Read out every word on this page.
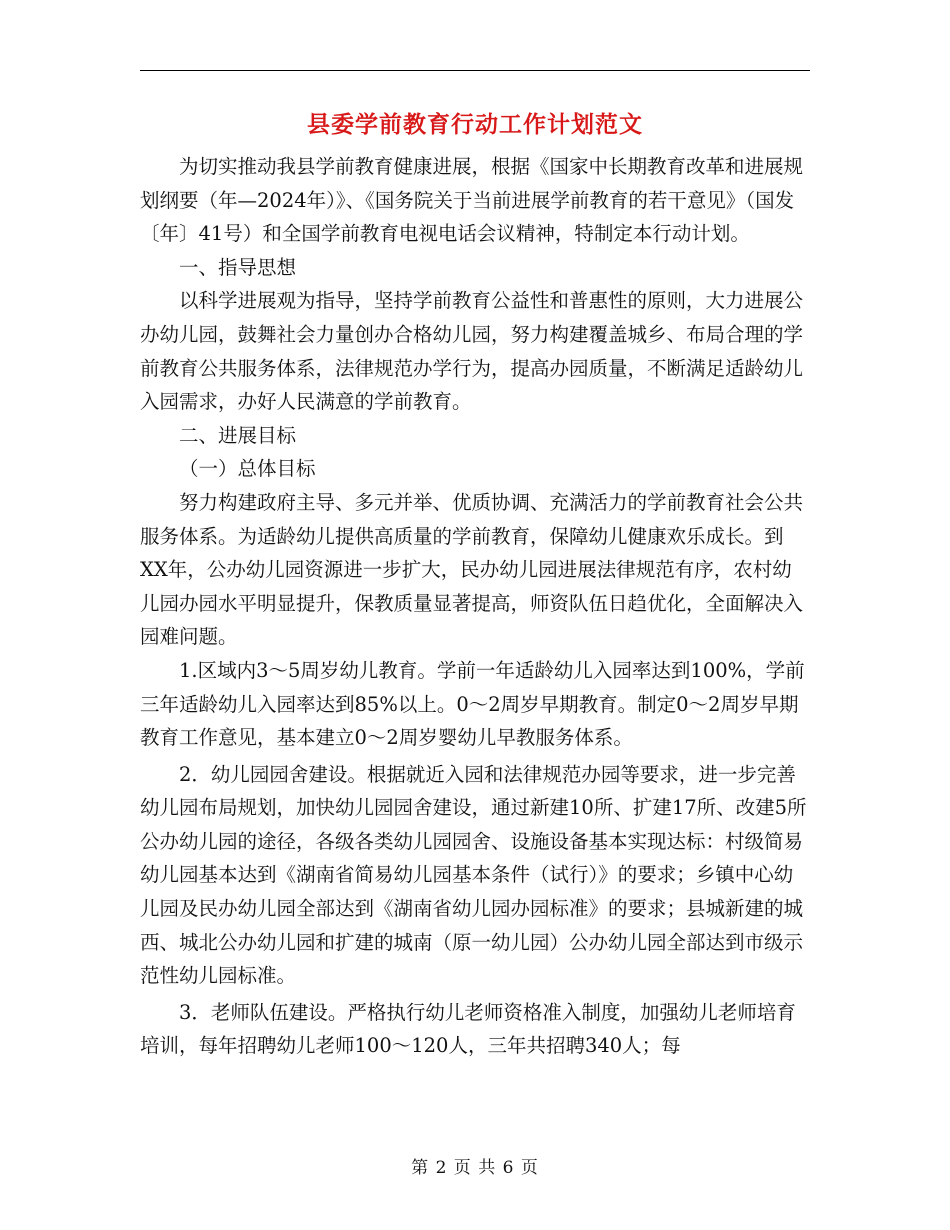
县委学前教育行动工作计划范文

为切实推动我县学前教育健康进展，根据《国家中长期教育改革和进展规划纲要（年—2024年）》、《国务院关于当前进展学前教育的若干意见》（国发〔年〕41号）和全国学前教育电视电话会议精神，特制定本行动计划。

一、指导思想

以科学进展观为指导，坚持学前教育公益性和普惠性的原则，大力进展公办幼儿园，鼓舞社会力量创办合格幼儿园，努力构建覆盖城乡、布局合理的学前教育公共服务体系，法律规范办学行为，提高办园质量，不断满足适龄幼儿入园需求，办好人民满意的学前教育。

二、进展目标

（一）总体目标

努力构建政府主导、多元并举、优质协调、充满活力的学前教育社会公共服务体系。为适龄幼儿提供高质量的学前教育，保障幼儿健康欢乐成长。到XX年，公办幼儿园资源进一步扩大，民办幼儿园进展法律规范有序，农村幼儿园办园水平明显提升，保教质量显著提高，师资队伍日趋优化，全面解决入园难问题。

1.区域内3～5周岁幼儿教育。学前一年适龄幼儿入园率达到100%，学前三年适龄幼儿入园率达到85%以上。0～2周岁早期教育。制定0～2周岁早期教育工作意见，基本建立0～2周岁婴幼儿早教服务体系。

2．幼儿园园舍建设。根据就近入园和法律规范办园等要求，进一步完善幼儿园布局规划，加快幼儿园园舍建设，通过新建10所、扩建17所、改建5所公办幼儿园的途径，各级各类幼儿园园舍、设施设备基本实现达标：村级简易幼儿园基本达到《湖南省简易幼儿园基本条件（试行）》的要求；乡镇中心幼儿园及民办幼儿园全部达到《湖南省幼儿园办园标准》的要求；县城新建的城西、城北公办幼儿园和扩建的城南（原一幼儿园）公办幼儿园全部达到市级示范性幼儿园标准。

3．老师队伍建设。严格执行幼儿老师资格准入制度，加强幼儿老师培育培训，每年招聘幼儿老师100～120人，三年共招聘340人；每

第 2 页 共 6 页
